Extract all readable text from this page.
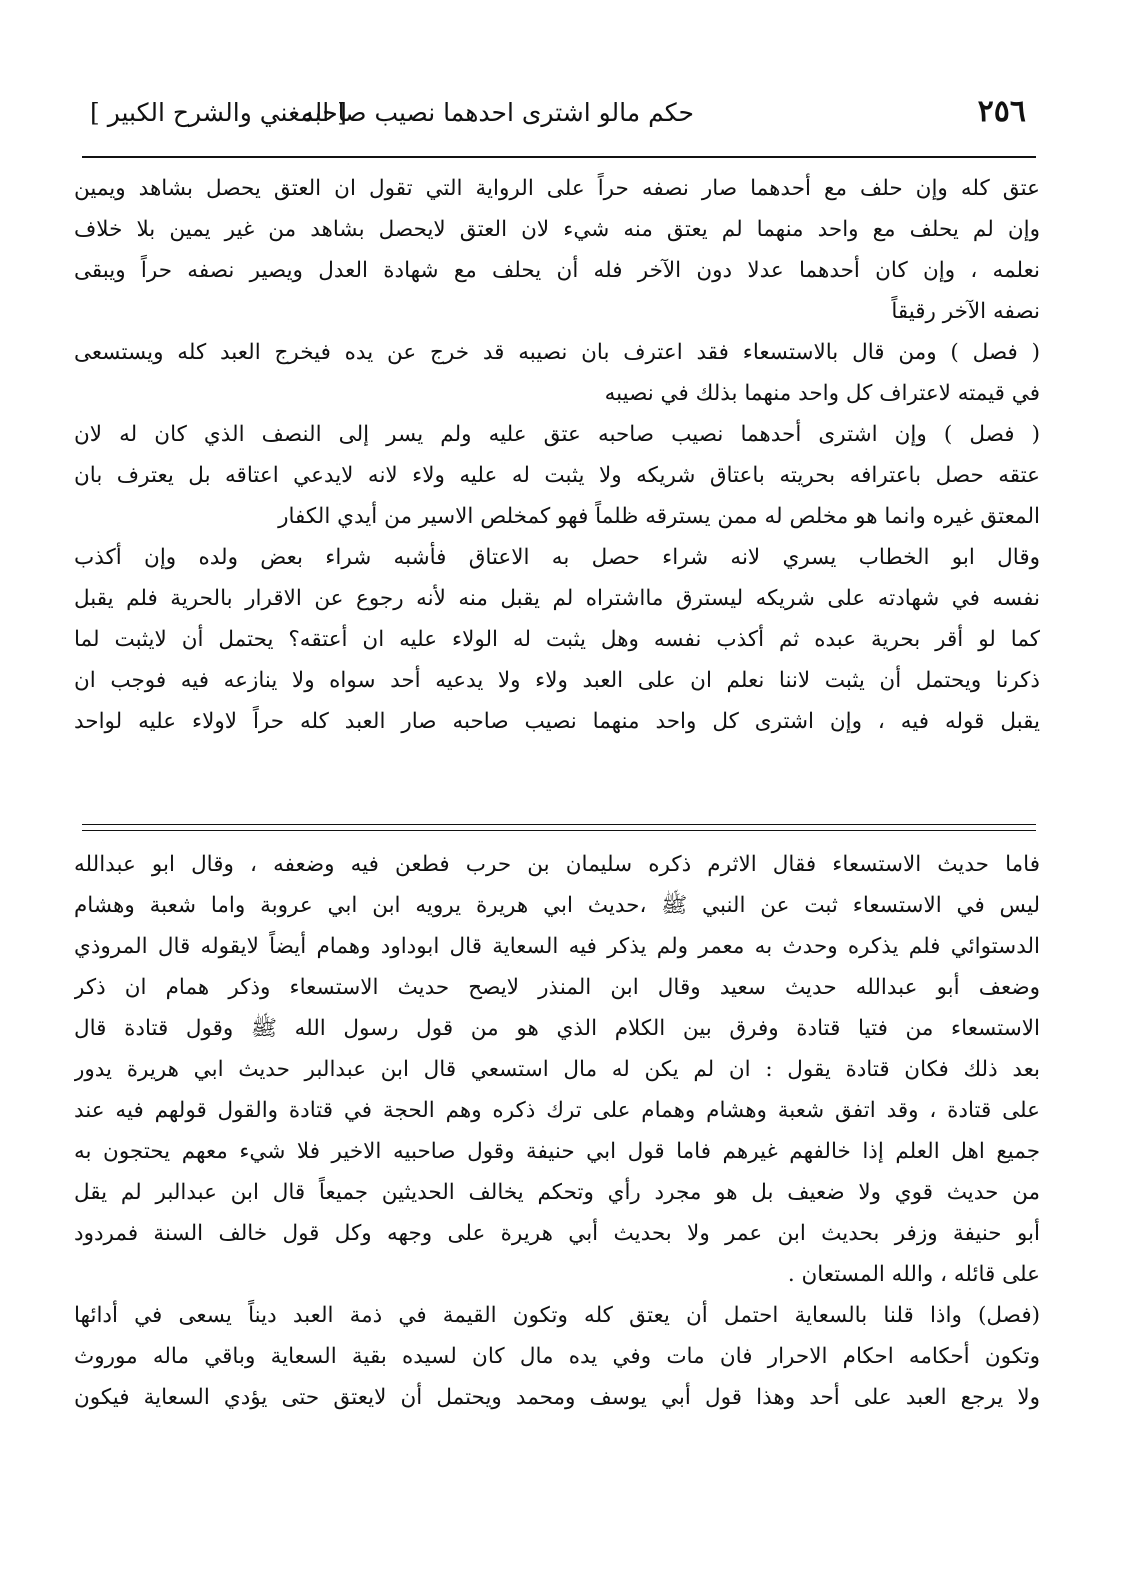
٢٥٦
حكم مالو اشترى احدهما نصيب صاحبه
[ المغني والشرح الكبير ]
عتق كله وإن حلف مع أحدهما صار نصفه حراً على الرواية التي تقول ان العتق يحصل بشاهد ويمين
وإن لم يحلف مع واحد منهما لم يعتق منه شيء لان العتق لايحصل بشاهد من غير يمين بلا خلاف
نعلمه ، وإن كان أحدهما عدلا دون الآخر فله أن يحلف مع شهادة العدل ويصير نصفه حراً ويبقى
نصفه الآخر رقيقاً
( فصل ) ومن قال بالاستسعاء فقد اعترف بان نصيبه قد خرج عن يده فيخرج العبد كله ويستسعى
في قيمته لاعتراف كل واحد منهما بذلك في نصيبه
( فصل ) وإن اشترى أحدهما نصيب صاحبه عتق عليه ولم يسر إلى النصف الذي كان له لان
عتقه حصل باعترافه بحريته باعتاق شريكه ولا يثبت له عليه ولاء لانه لايدعي اعتاقه بل يعترف بان
المعتق غيره وانما هو مخلص له ممن يسترقه ظلماً فهو كمخلص الاسير من أيدي الكفار
وقال ابو الخطاب يسري لانه شراء حصل به الاعتاق فأشبه شراء بعض ولده وإن أكذب
نفسه في شهادته على شريكه ليسترق مااشتراه لم يقبل منه لأنه رجوع عن الاقرار بالحرية فلم يقبل
كما لو أقر بحرية عبده ثم أكذب نفسه وهل يثبت له الولاء عليه ان أعتقه؟ يحتمل أن لايثبت لما
ذكرنا ويحتمل أن يثبت لاننا نعلم ان على العبد ولاء ولا يدعيه أحد سواه ولا ينازعه فيه فوجب ان
يقبل قوله فيه ، وإن اشترى كل واحد منهما نصيب صاحبه صار العبد كله حراً لاولاء عليه لواحد
فاما حديث الاستسعاء فقال الاثرم ذكره سليمان بن حرب فطعن فيه وضعفه ، وقال ابو عبدالله
ليس في الاستسعاء ثبت عن النبي ﷺ ،حديث ابي هريرة يرويه ابن ابي عروبة واما شعبة وهشام
الدستوائي فلم يذكره وحدث به معمر ولم يذكر فيه السعاية قال ابوداود وهمام أيضاً لايقوله قال المروذي
وضعف أبو عبدالله حديث سعيد وقال ابن المنذر لايصح حديث الاستسعاء وذكر همام ان ذكر
الاستسعاء من فتيا قتادة وفرق بين الكلام الذي هو من قول رسول الله ﷺ وقول قتادة قال
بعد ذلك فكان قتادة يقول : ان لم يكن له مال استسعي قال ابن عبدالبر حديث ابي هريرة يدور
على قتادة ، وقد اتفق شعبة وهشام وهمام على ترك ذكره وهم الحجة في قتادة والقول قولهم فيه عند
جميع اهل العلم إذا خالفهم غيرهم فاما قول ابي حنيفة وقول صاحبيه الاخير فلا شيء معهم يحتجون به
من حديث قوي ولا ضعيف بل هو مجرد رأي وتحكم يخالف الحديثين جميعاً قال ابن عبدالبر لم يقل
أبو حنيفة وزفر بحديث ابن عمر ولا بحديث أبي هريرة على وجهه وكل قول خالف السنة فمردود
على قائله ، والله المستعان .
(فصل) واذا قلنا بالسعاية احتمل أن يعتق كله وتكون القيمة في ذمة العبد ديناً يسعى في أدائها
وتكون أحكامه احكام الاحرار فان مات وفي يده مال كان لسيده بقية السعاية وباقي ماله موروث
ولا يرجع العبد على أحد وهذا قول أبي يوسف ومحمد ويحتمل أن لايعتق حتى يؤدي السعاية فيكون
